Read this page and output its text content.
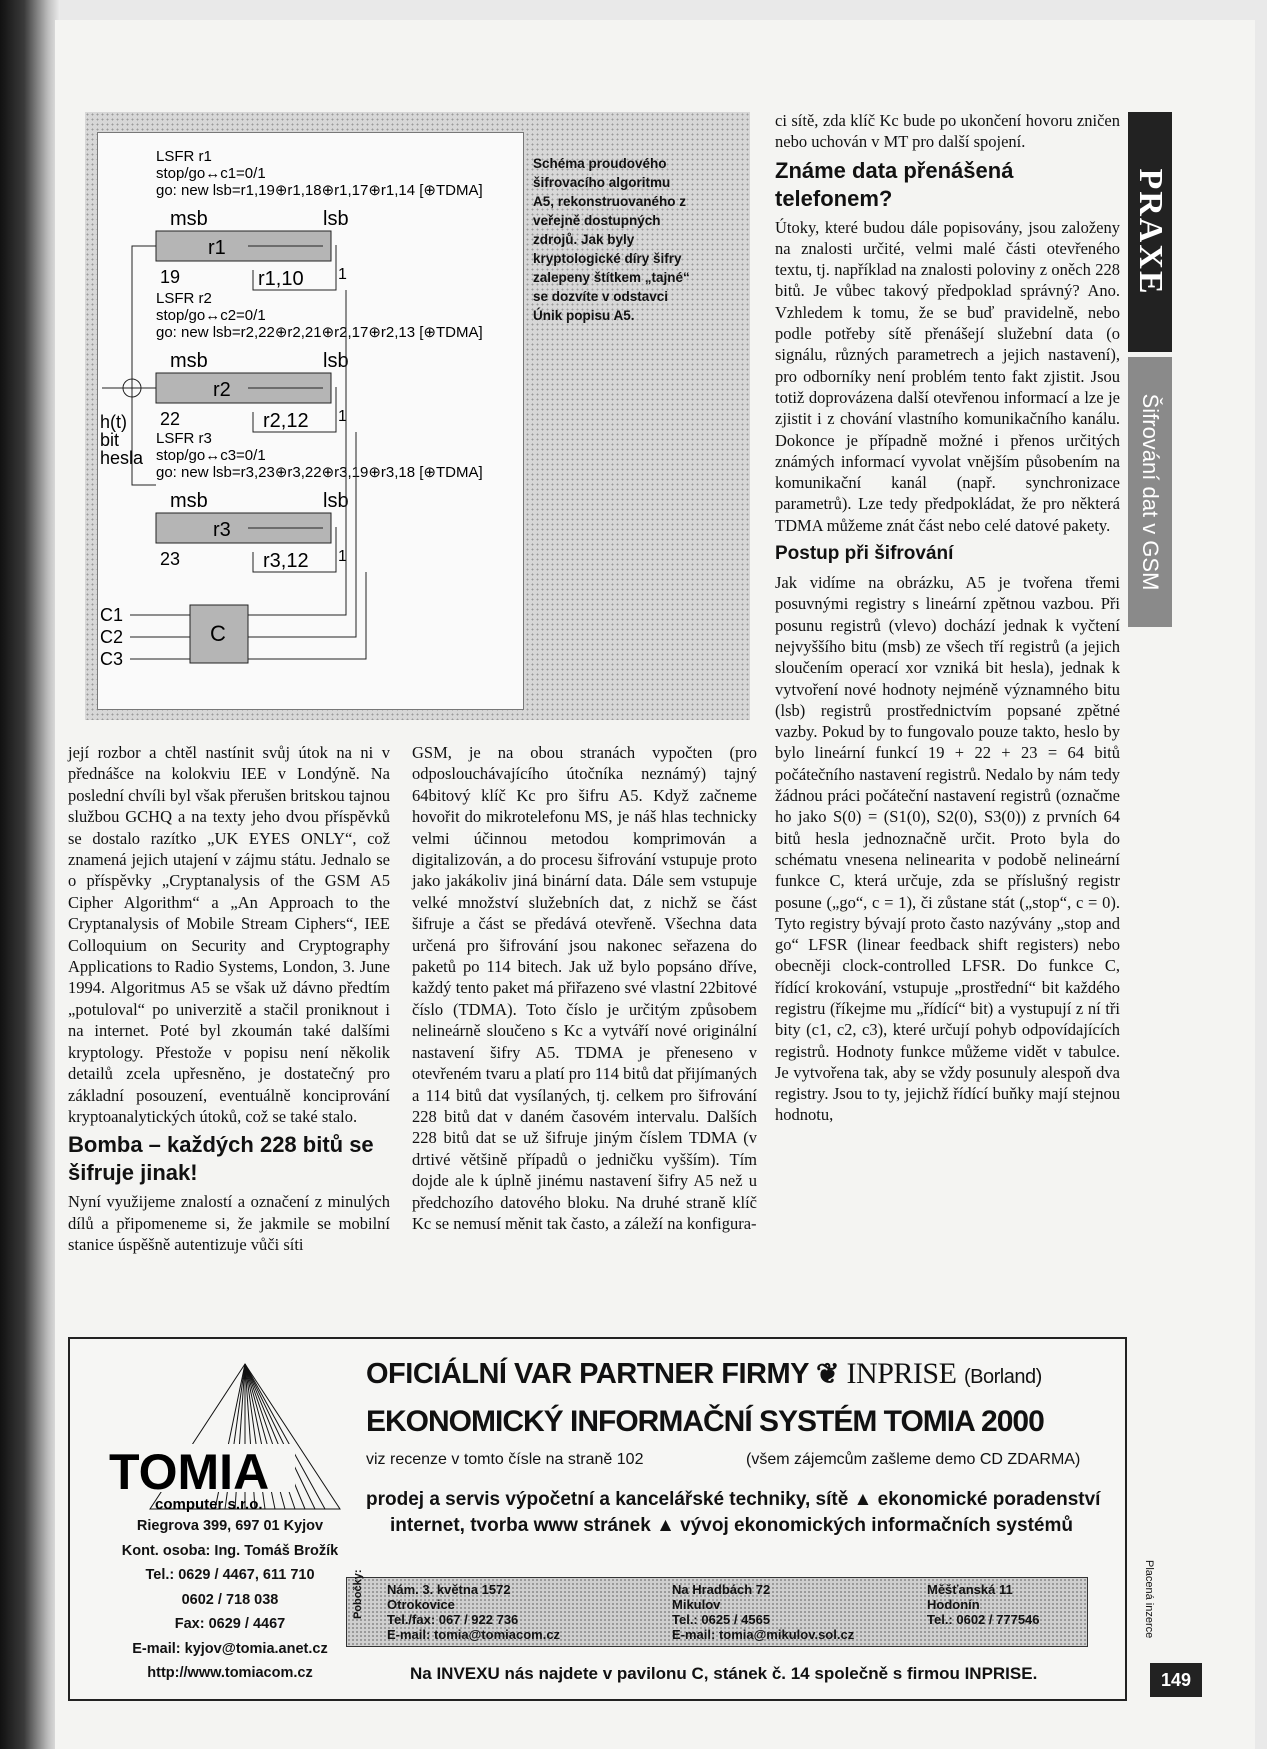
LSFR r1
stop/go↔c1=0/1
go: new lsb=r1,19⊕r1,18⊕r1,17⊕r1,14 [⊕TDMA]
msb	lsb
r1
19	r1,10 1
LSFR r2
stop/go↔c2=0/1
go: new lsb=r2,22⊕r2,21⊕r2,17⊕r2,13 [⊕TDMA]
msb	lsb
r2
22	r2,12 1
h(t)
bit
hesla
LSFR r3
stop/go↔c3=0/1
go: new lsb=r3,23⊕r3,22⊕r3,19⊕r3,18 [⊕TDMA]
msb	lsb
r3
23	r3,12 1
C
C1
C2
C3
Schéma proudového šifrovacího algoritmu A5, rekonstruovaného z veřejně dostupných zdrojů. Jak byly kryptologické díry šifry zalepeny štítkem „tajné“ se dozvíte v odstavci Únik popisu A5.

její rozbor a chtěl nastínit svůj útok na ni v přednášce na kolokviu IEE v Londýně. Na poslední chvíli byl však přerušen britskou tajnou službou GCHQ a na texty jeho dvou příspěvků se dostalo razítko „UK EYES ONLY“, což znamená jejich utajení v zájmu státu. Jednalo se o příspěvky „Cryptanalysis of the GSM A5 Cipher Algorithm“ a „An Approach to the Cryptanalysis of Mobile Stream Ciphers“, IEE Colloquium on Security and Cryptography Applications to Radio Systems, London, 3. June 1994. Algoritmus A5 se však už dávno předtím „potuloval“ po univerzitě a stačil proniknout i na internet. Poté byl zkoumán také dalšími kryptology. Přestože v popisu není několik detailů zcela upřesněno, je dostatečný pro základní posouzení, eventuálně konciprování kryptoanalytických útoků, což se také stalo.

Bomba – každých 228 bitů se šifruje jinak!

Nyní využijeme znalostí a označení z minulých dílů a připomeneme si, že jakmile se mobilní stanice úspěšně autentizuje vůči síti

GSM, je na obou stranách vypočten (pro odposlouchávajícího útočníka neznámý) tajný 64bitový klíč Kc pro šifru A5. Když začneme hovořit do mikrotelefonu MS, je náš hlas technicky velmi účinnou metodou komprimován a digitalizován, a do procesu šifrování vstupuje proto jako jakákoliv jiná binární data. Dále sem vstupuje velké množství služebních dat, z nichž se část šifruje a část se předává otevřeně. Všechna data určená pro šifrování jsou nakonec seřazena do paketů po 114 bitech. Jak už bylo popsáno dříve, každý tento paket má přiřazeno své vlastní 22bitové číslo (TDMA). Toto číslo je určitým způsobem nelineárně sloučeno s Kc a vytváří nové originální nastavení šifry A5. TDMA je přeneseno v otevřeném tvaru a platí pro 114 bitů dat přijímaných a 114 bitů dat vysílaných, tj. celkem pro šifrování 228 bitů dat v daném časovém intervalu. Dalších 228 bitů dat se už šifruje jiným číslem TDMA (v drtivé většině případů o jedničku vyšším). Tím dojde ale k úplně jinému nastavení šifry A5 než u předchozího datového bloku. Na druhé straně klíč Kc se nemusí měnit tak často, a záleží na konfigura-

ci sítě, zda klíč Kc bude po ukončení hovoru zničen nebo uchován v MT pro další spojení.

Známe data přenášená telefonem?

Útoky, které budou dále popisovány, jsou založeny na znalosti určité, velmi malé části otevřeného textu, tj. například na znalosti poloviny z oněch 228 bitů. Je vůbec takový předpoklad správný? Ano. Vzhledem k tomu, že se buď pravidelně, nebo podle potřeby sítě přenášejí služební data (o signálu, různých parametrech a jejich nastavení), pro odborníky není problém tento fakt zjistit. Jsou totiž doprovázena další otevřenou informací a lze je zjistit i z chování vlastního komunikačního kanálu. Dokonce je případně možné i přenos určitých známých informací vyvolat vnějším působením na komunikační kanál (např. synchronizace parametrů). Lze tedy předpokládat, že pro některá TDMA můžeme znát část nebo celé datové pakety.

Postup při šifrování

Jak vidíme na obrázku, A5 je tvořena třemi posuvnými registry s lineární zpětnou vazbou. Při posunu registrů (vlevo) dochází jednak k vyčtení nejvyššího bitu (msb) ze všech tří registrů (a jejich sloučením operací xor vzniká bit hesla), jednak k vytvoření nové hodnoty nejméně významného bitu (lsb) registrů prostřednictvím popsané zpětné vazby. Pokud by to fungovalo pouze takto, heslo by bylo lineární funkcí 19 + 22 + 23 = 64 bitů počátečního nastavení registrů. Nedalo by nám tedy žádnou práci počáteční nastavení registrů (označme ho jako S(0) = (S1(0), S2(0), S3(0)) z prvních 64 bitů hesla jednoznačně určit. Proto byla do schématu vnesena nelinearita v podobě nelineární funkce C, která určuje, zda se příslušný registr posune („go“, c = 1), či zůstane stát („stop“, c = 0). Tyto registry bývají proto často nazývány „stop and go“ LFSR (linear feedback shift registers) nebo obecněji clock-controlled LFSR. Do funkce C, řídící krokování, vstupuje „prostřední“ bit každého registru (říkejme mu „řídící“ bit) a vystupují z ní tři bity (c1, c2, c3), které určují pohyb odpovídajících registrů. Hodnoty funkce můžeme vidět v tabulce. Je vytvořena tak, aby se vždy posunuly alespoň dva registry. Jsou to ty, jejichž řídící buňky mají stejnou hodnotu,

PRAXE
Šifrování dat v GSM
TOMIA
computer s.r.o.
Riegrova 399, 697 01 Kyjov
Kont. osoba: Ing. Tomáš Brožík
Tel.: 0629 / 4467, 611 710
0602 / 718 038
Fax: 0629 / 4467
E-mail: kyjov@tomia.anet.cz
http://www.tomiacom.cz
OFICIÁLNÍ VAR PARTNER FIRMY ❦ INPRISE (Borland)
EKONOMICKÝ INFORMAČNÍ SYSTÉM TOMIA 2000
viz recenze v tomto čísle na straně 102	(všem zájemcům zašleme demo CD ZDARMA)
prodej a servis výpočetní a kancelářské techniky, sítě ▲ ekonomické poradenství
internet, tvorba www stránek ▲ vývoj ekonomických informačních systémů
Pobočky: Nám. 3. května 1572
Otrokovice
Tel./fax: 067 / 922 736
E-mail: tomia@tomiacom.cz
Na Hradbách 72
Mikulov
Tel.: 0625 / 4565
E-mail: tomia@mikulov.sol.cz
Měšťanská 11
Hodonín
Tel.: 0602 / 777546
Na INVEXU nás najdete v pavilonu C, stánek č. 14 společně s firmou INPRISE.
Placená inzerce
149
